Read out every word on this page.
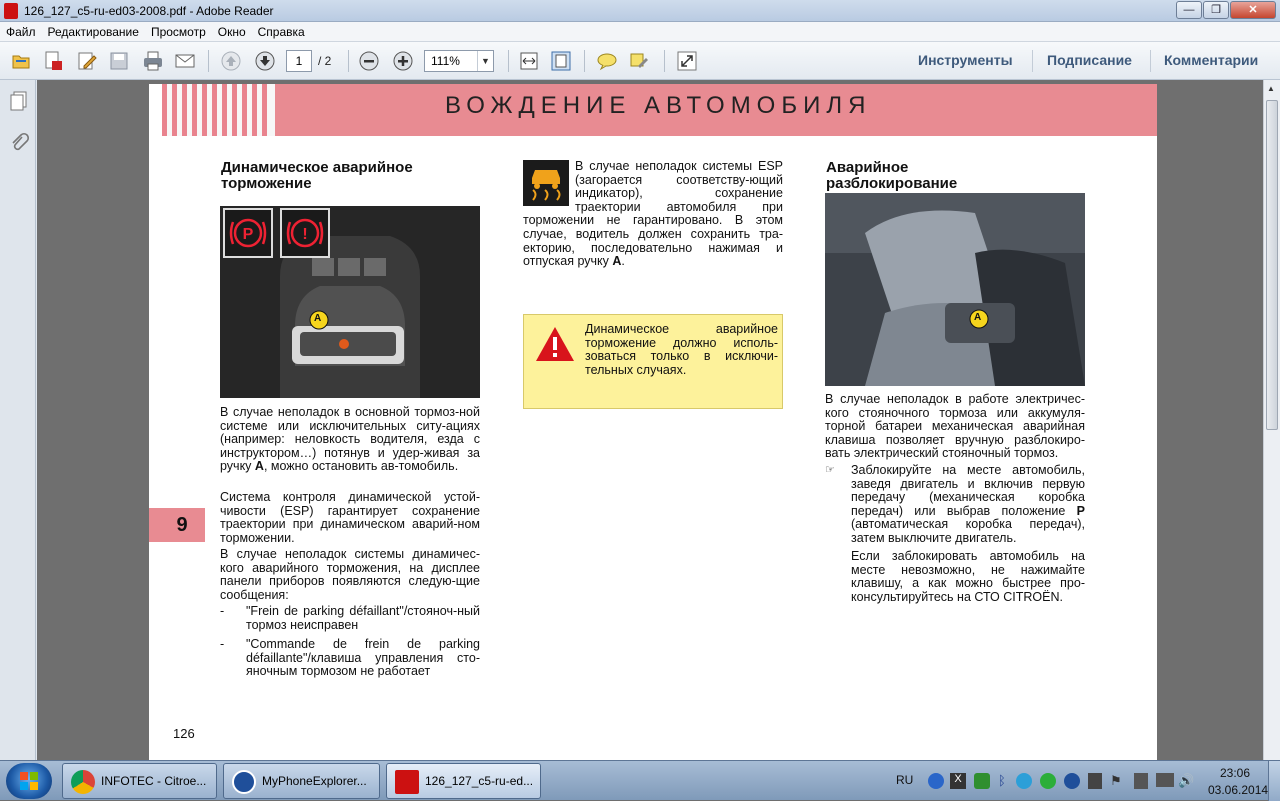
126_127_c5-ru-ed03-2008.pdf - Adobe Reader	—	❐	✕
Файл Редактирование Просмотр Окно Справка
1	/ 2	111%	▼	Инструменты Подписание Комментарии
ВОЖДЕНИЕ АВТОМОБИЛЯ
9
Динамическое аварийное
торможение
P	!
A
В случае неполадок в основной тормоз-ной системе или исключительных ситу-ациях (например: неловкость водителя, езда с инструктором…) потянув и удер-живая за ручку A, можно остановить ав-томобиль.
Система контроля динамической устой-чивости (ESP) гарантирует сохранение траектории при динамическом аварий-ном торможении.
В случае неполадок системы динамичес-кого аварийного торможения, на дисплее панели приборов появляются следую-щие сообщения:
- "Frein de parking défaillant"/стояноч-ный тормоз неисправен
- "Commande de frein de parking défaillante"/клавиша управления сто-яночным тормозом не работает
В случае неполадок системы ESP (загорается соответству-ющий индикатор), сохранение траектории автомобиля при торможении не гарантировано. В этом случае, водитель должен сохранить тра-екторию, последовательно нажимая и отпуская ручку A.
Динамическое аварийное торможение должно исполь-зоваться только в исключи-тельных случаях.
Аварийное
разблокирование
A
В случае неполадок в работе электричес-кого стояночного тормоза или аккумуля-торной батареи механическая аварийная клавиша позволяет вручную разблокиро-вать электрический стояночный тормоз.
☞ Заблокируйте на месте автомобиль, заведя двигатель и включив первую передачу (механическая коробка передач) или выбрав положение P (автоматическая коробка передач), затем выключите двигатель.
Если заблокировать автомобиль на месте невозможно, не нажимайте клавишу, а как можно быстрее про-консультируйтесь на СТО CITROËN.
126
▲
INFOTEC - Citroe...	MyPhoneExplorer...	126_127_c5-ru-ed...	RU	X	ᛒ	⚑	🔊 23:06
03.06.2014
